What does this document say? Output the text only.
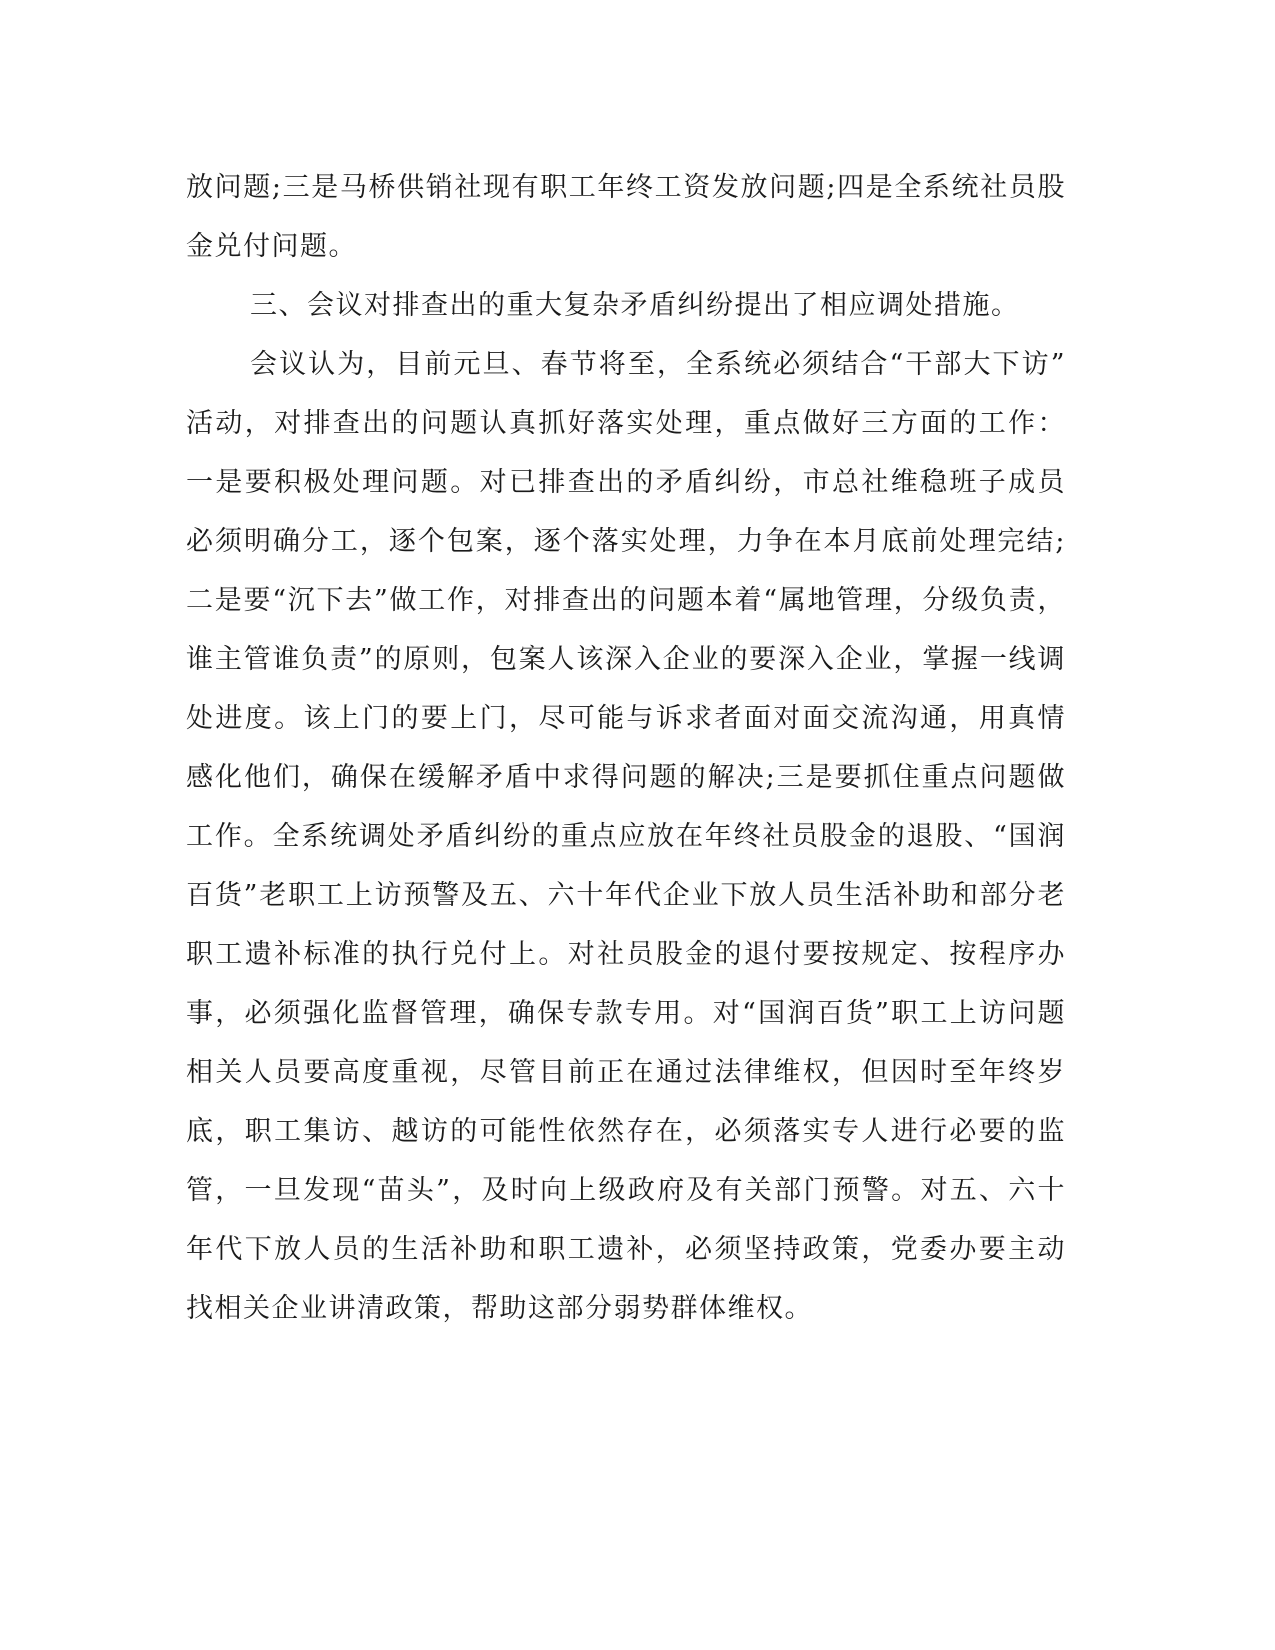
放问题;三是马桥供销社现有职工年终工资发放问题;四是全系统社员股
金兑付问题。
三、会议对排查出的重大复杂矛盾纠纷提出了相应调处措施。
会议认为，目前元旦、春节将至，全系统必须结合“干部大下访”
活动，对排查出的问题认真抓好落实处理，重点做好三方面的工作：
一是要积极处理问题。对已排查出的矛盾纠纷，市总社维稳班子成员
必须明确分工，逐个包案，逐个落实处理，力争在本月底前处理完结;
二是要“沉下去”做工作，对排查出的问题本着“属地管理，分级负责，
谁主管谁负责”的原则，包案人该深入企业的要深入企业，掌握一线调
处进度。该上门的要上门，尽可能与诉求者面对面交流沟通，用真情
感化他们，确保在缓解矛盾中求得问题的解决;三是要抓住重点问题做
工作。全系统调处矛盾纠纷的重点应放在年终社员股金的退股、“国润
百货”老职工上访预警及五、六十年代企业下放人员生活补助和部分老
职工遗补标准的执行兑付上。对社员股金的退付要按规定、按程序办
事，必须强化监督管理，确保专款专用。对“国润百货”职工上访问题
相关人员要高度重视，尽管目前正在通过法律维权，但因时至年终岁
底，职工集访、越访的可能性依然存在，必须落实专人进行必要的监
管，一旦发现“苗头”，及时向上级政府及有关部门预警。对五、六十
年代下放人员的生活补助和职工遗补，必须坚持政策，党委办要主动
找相关企业讲清政策，帮助这部分弱势群体维权。
